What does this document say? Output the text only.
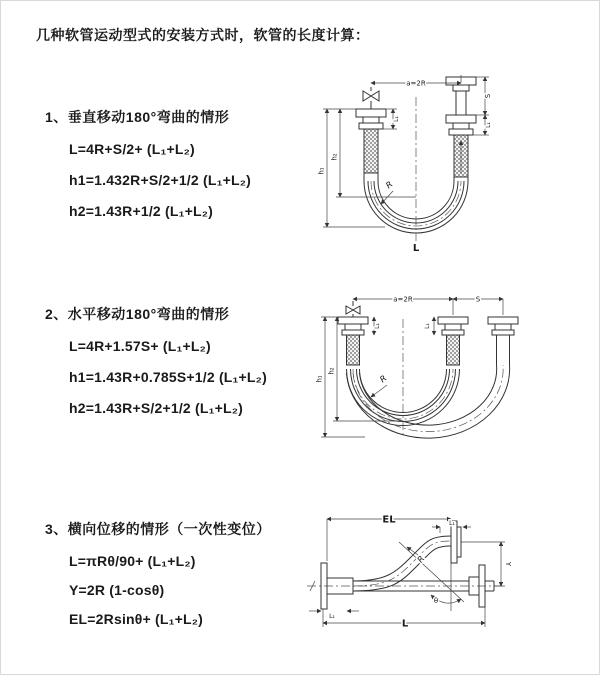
几种软管运动型式的安装方式时，软管的长度计算：
1、垂直移动180°弯曲的情形
L=4R+S/2+ (L₁+L₂)
h1=1.432R+S/2+1/2 (L₁+L₂)
h2=1.43R+1/2 (L₁+L₂)
2、水平移动180°弯曲的情形
L=4R+1.57S+ (L₁+L₂)
h1=1.43R+0.785S+1/2 (L₁+L₂)
h2=1.43R+S/2+1/2 (L₁+L₂)
3、横向位移的情形（一次性变位）
L=πRθ/90+ (L₁+L₂)
Y=2R (1-cosθ)
EL=2Rsinθ+ (L₁+L₂)
a=2R
h₁
h₂
L₁
S
L₁
R
L
a=2R	S
h₁
h₂
L₁	L₁
R
θ
R
EL	L₁
Y
L₁
L
